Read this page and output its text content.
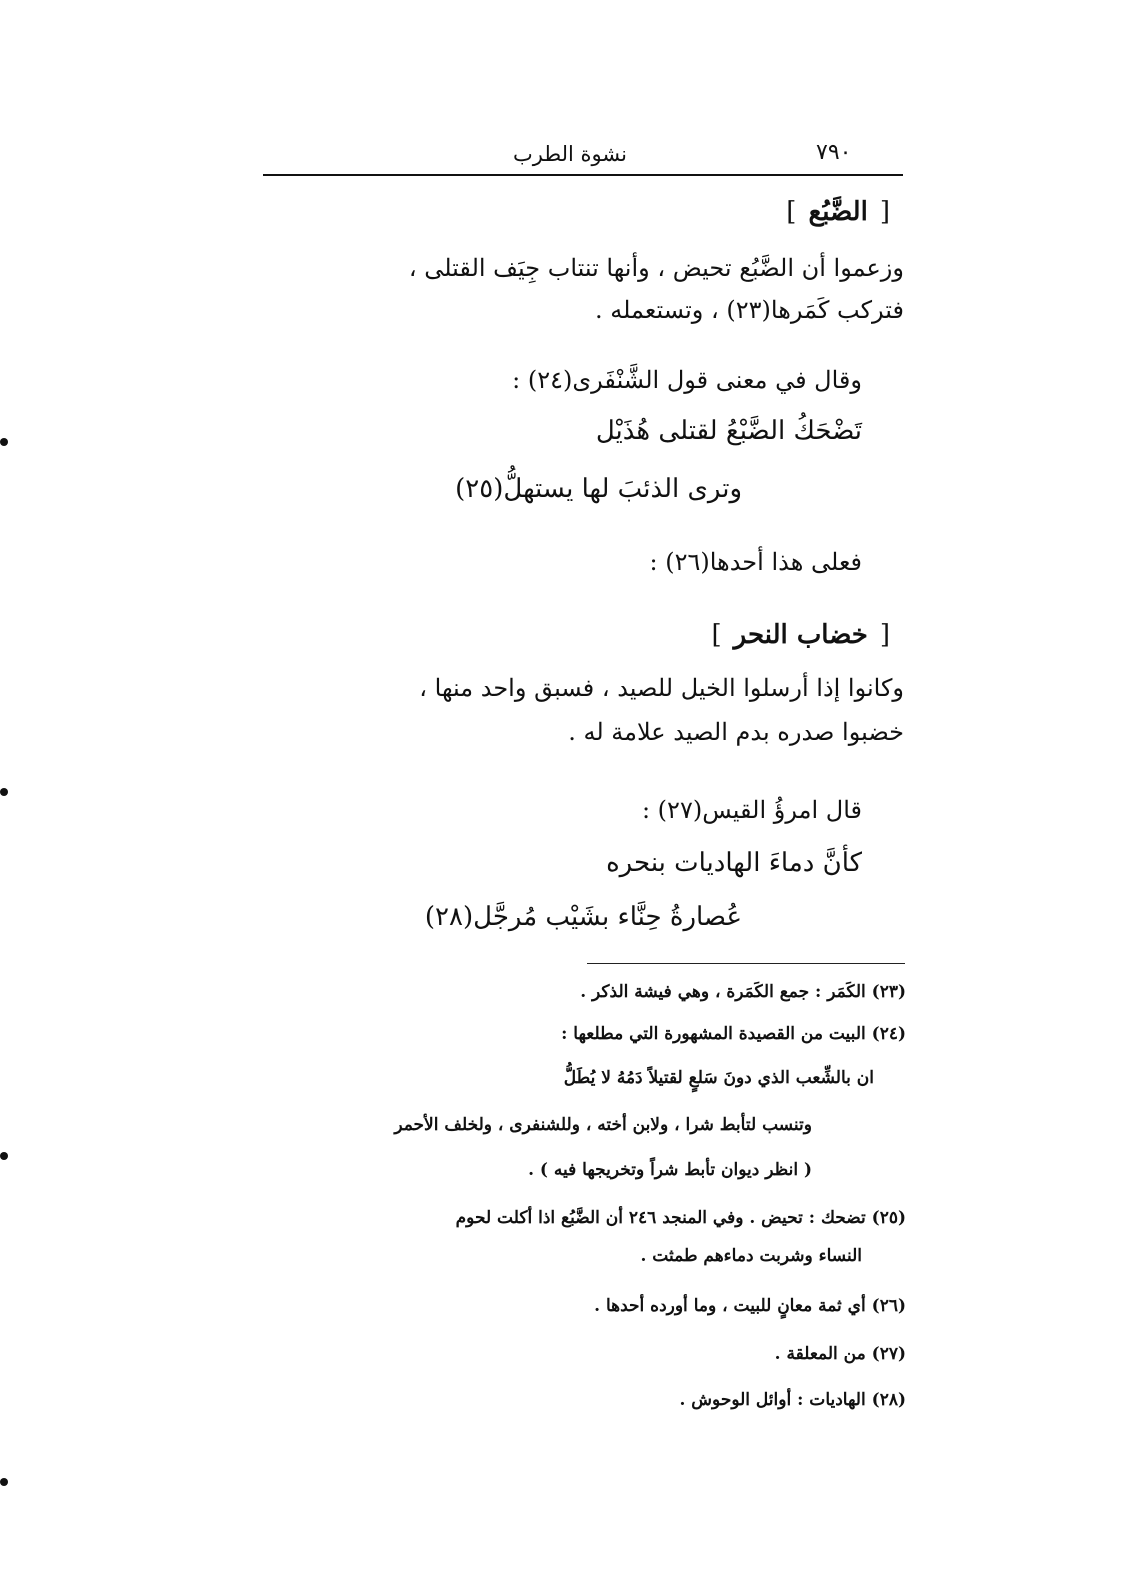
نشوة الطرب	٧٩٠
[الضَّبُع]
وزعموا أن الضَّبُع تحيض ، وأنها تنتاب جِيَف القتلى ،
فتركب كَمَرها(٢٣) ، وتستعمله .
وقال في معنى قول الشَّنْفَرى(٢٤) :
تَضْحَكُ الضَّبْعُ لقتلى هُذَيْل
وترى الذئبَ لها يستهلُّ(٢٥)
فعلى هذا أحدها(٢٦) :
[خضاب النحر]
وكانوا إذا أرسلوا الخيل للصيد ، فسبق واحد منها ،
خضبوا صدره بدم الصيد علامة له .
قال امرؤُ القيس(٢٧) :
كأنَّ دماءَ الهاديات بنحره
عُصارةُ حِنَّاء بشَيْب مُرجَّل(٢٨)
(٢٣) الكَمَر : جمع الكَمَرة ، وهي فيشة الذكر .
(٢٤) البيت من القصيدة المشهورة التي مطلعها :
ان بالشِّعب الذي دونَ سَلعٍ لقتيلاً دَمُهُ لا يُطَلُّ
وتنسب لتأبط شرا ، ولابن أخته ، وللشنفرى ، ولخلف الأحمر
( انظر ديوان تأبط شراً وتخريجها فيه ) .
(٢٥) تضحك : تحيض . وفي المنجد ٢٤٦ أن الضَّبُع اذا أكلت لحوم
النساء وشربت دماءهم طمثت .
(٢٦) أي ثمة معانٍ للبيت ، وما أورده أحدها .
(٢٧) من المعلقة .
(٢٨) الهاديات : أوائل الوحوش .
